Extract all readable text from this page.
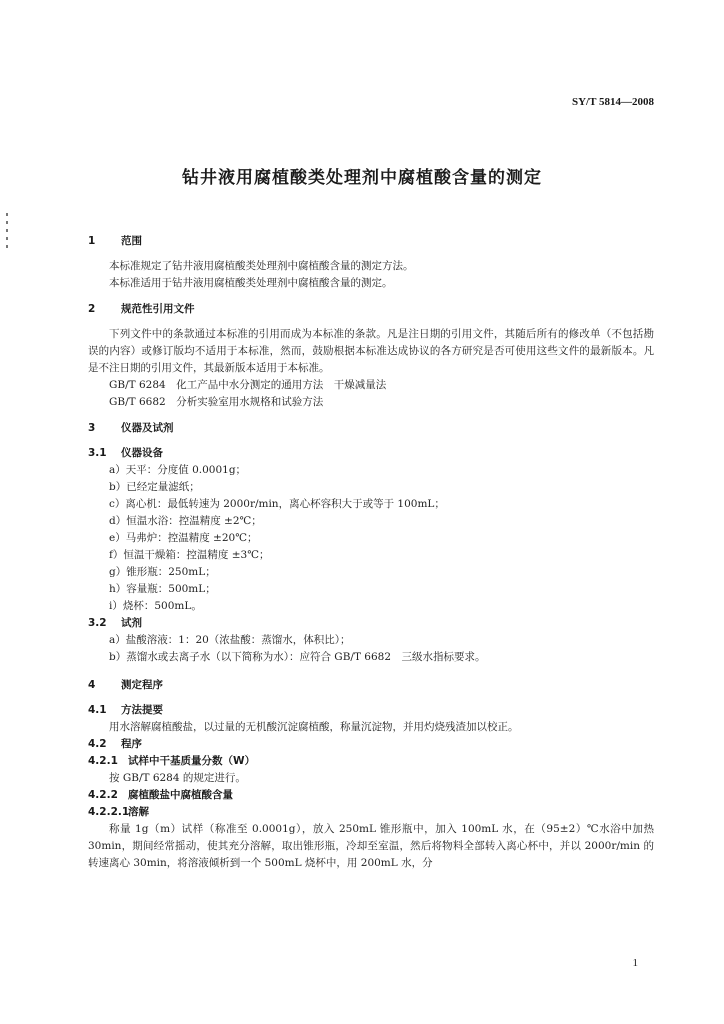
SY/T 5814—2008
钻井液用腐植酸类处理剂中腐植酸含量的测定
1 范围
本标准规定了钻井液用腐植酸类处理剂中腐植酸含量的测定方法。
本标准适用于钻井液用腐植酸类处理剂中腐植酸含量的测定。
2 规范性引用文件
下列文件中的条款通过本标准的引用而成为本标准的条款。凡是注日期的引用文件，其随后所有的修改单（不包括勘误的内容）或修订版均不适用于本标准，然而，鼓励根据本标准达成协议的各方研究是否可使用这些文件的最新版本。凡是不注日期的引用文件，其最新版本适用于本标准。
GB/T 6284　化工产品中水分测定的通用方法　干燥减量法
GB/T 6682　分析实验室用水规格和试验方法
3 仪器及试剂
3.1 仪器设备
a）天平：分度值 0.0001g；
b）已经定量滤纸；
c）离心机：最低转速为 2000r/min，离心杯容积大于或等于 100mL；
d）恒温水浴：控温精度 ±2℃；
e）马弗炉：控温精度 ±20℃；
f）恒温干燥箱：控温精度 ±3℃；
g）锥形瓶：250mL；
h）容量瓶：500mL；
i）烧杯：500mL。
3.2 试剂
a）盐酸溶液：1：20（浓盐酸：蒸馏水，体积比）；
b）蒸馏水或去离子水（以下简称为水）：应符合 GB/T 6682　三级水指标要求。
4 测定程序
4.1 方法提要
用水溶解腐植酸盐，以过量的无机酸沉淀腐植酸，称量沉淀物，并用灼烧残渣加以校正。
4.2 程序
4.2.1 试样中干基质量分数（W）
按 GB/T 6284 的规定进行。
4.2.2 腐植酸盐中腐植酸含量
4.2.2.1溶解
称量 1g（m）试样（称准至 0.0001g），放入 250mL 锥形瓶中，加入 100mL 水，在（95±2）℃水浴中加热 30min，期间经常摇动，使其充分溶解，取出锥形瓶，冷却至室温，然后将物料全部转入离心杯中，并以 2000r/min 的转速离心 30min，将溶液倾析到一个 500mL 烧杯中，用 200mL 水，分
1
